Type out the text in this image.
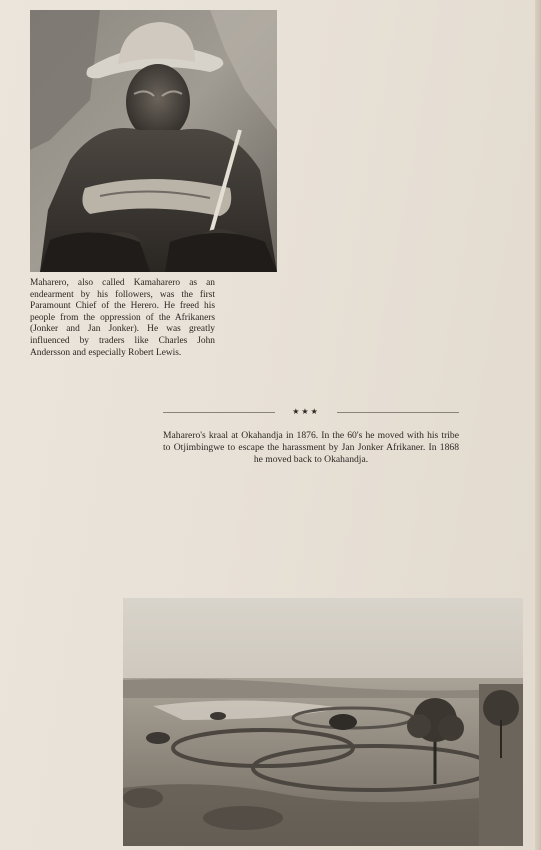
Maharero, also called Kamaharero as an endearment by his followers, was the first Paramount Chief of the Herero. He freed his people from the oppression of the Afrikaners (Jonker and Jan Jonker). He was greatly influenced by traders like Charles John Andersson and especially Robert Lewis.

★★★

Maharero's kraal at Okahandja in 1876. In the 60's he moved with his tribe to Otjimbingwe to escape the harassment by Jan Jonker Afrikaner. In 1868 he moved back to Okahandja.
